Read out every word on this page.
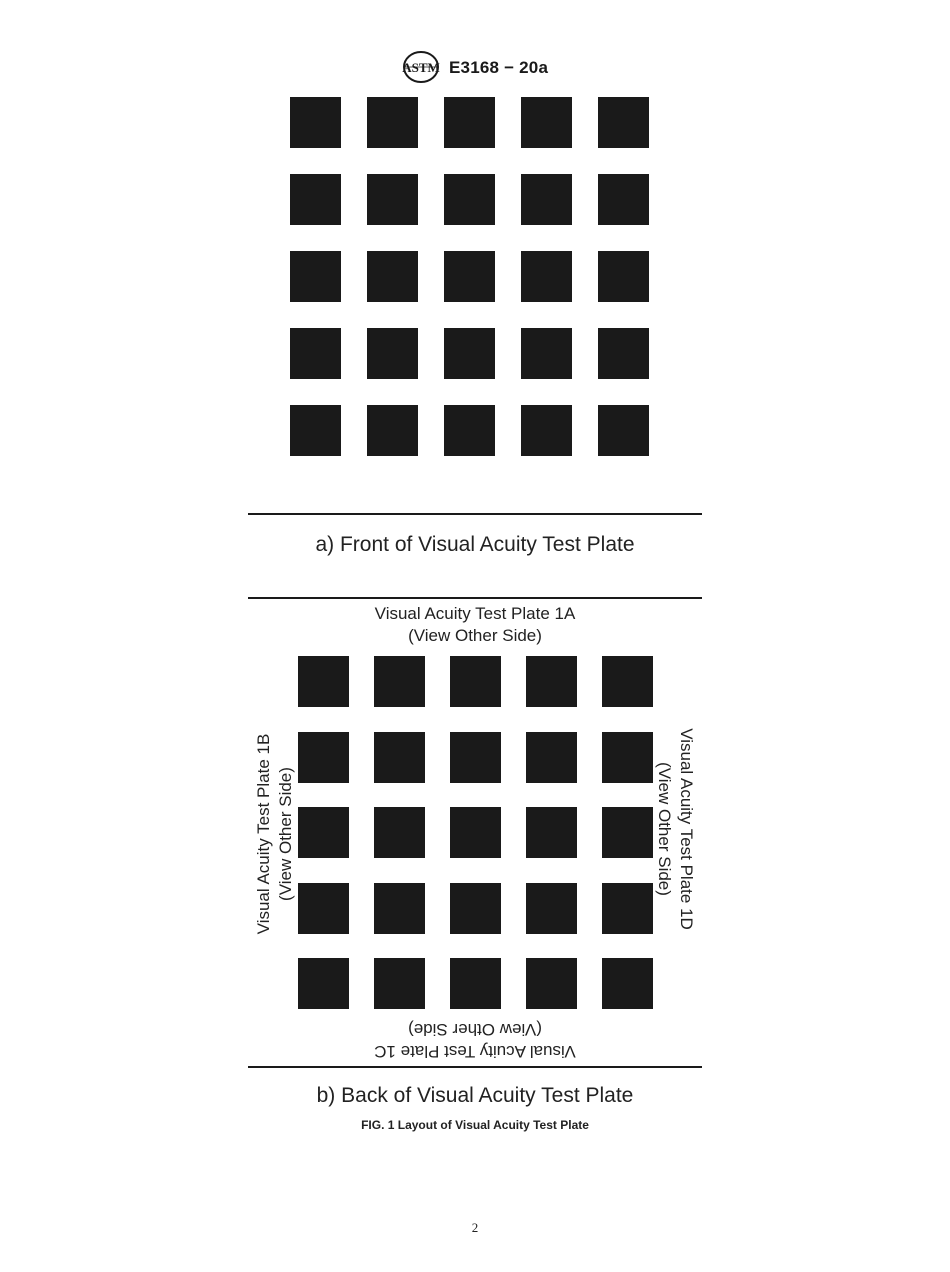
ASTM E3168 − 20a
a) Front of Visual Acuity Test Plate
Visual Acuity Test Plate 1A
(View Other Side)
Visual Acuity Test Plate 1B (View Other Side)	Visual Acuity Test Plate 1D
(View Other Side)
Visual Acuity Test Plate 1C
(View Other Side)
b) Back of Visual Acuity Test Plate
FIG. 1 Layout of Visual Acuity Test Plate
2
